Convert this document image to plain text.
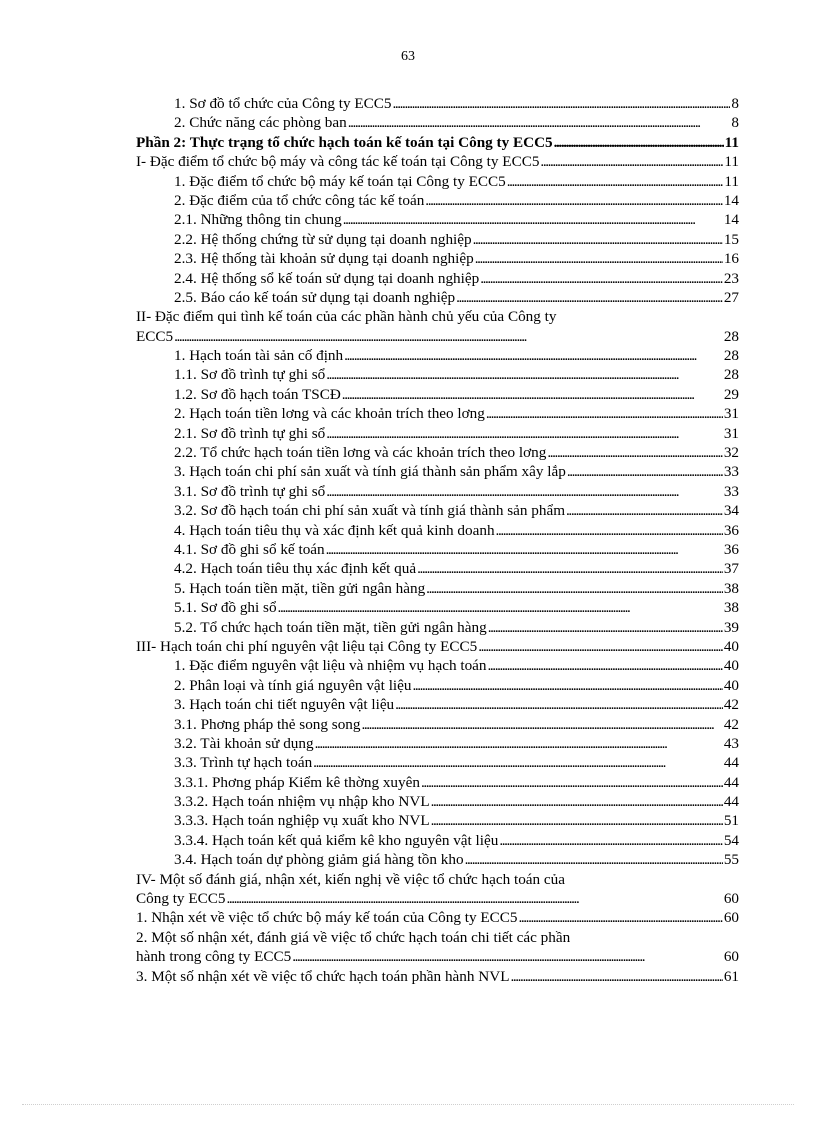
63
1. Sơ đồ tổ chức của Công ty ECC5 . . .	8
2. Chức năng các phòng ban . . .	8
Phần 2: Thực trạng tổ chức hạch toán kế toán tại Công ty ECC5 . . .	11
I- Đặc điểm tổ chức bộ máy và công tác kế toán tại Công ty ECC5 . . .	11
1. Đặc điểm tổ chức bộ máy kế toán tại Công ty ECC5 . . .	11
2. Đặc điểm của tổ chức công tác kế toán . . .	14
2.1. Những thông tin chung . . .	14
2.2. Hệ thống chứng từ sử dụng tại doanh nghiệp . . .	15
2.3. Hệ thống tài khoản sử dụng tại doanh nghiệp . . .	16
2.4. Hệ thống sổ kế toán sử dụng tại doanh nghiệp . . .	23
2.5. Báo cáo kế toán sử dụng tại doanh nghiệp . . .	27
II- Đặc điểm qui tình kế toán của các phần hành chủ yếu của Công ty
ECC5 . . .	28
1. Hạch toán tài sản cố định . . .	28
1.1. Sơ đồ trình tự ghi sổ . . .	28
1.2. Sơ đồ hạch toán TSCĐ . . .	29
2. Hạch toán tiền lơng và các khoản trích theo lơng . . .	31
2.1. Sơ đồ trình tự ghi sổ . . .	31
2.2. Tổ chức hạch toán tiền lơng và các khoản trích theo lơng . . .	32
3. Hạch toán chi phí sản xuất và tính giá thành sản phẩm xây lắp . . .	33
3.1. Sơ đồ trình tự ghi sổ . . .	33
3.2. Sơ đồ hạch toán chi phí sản xuất và tính giá thành sản phẩm . . .	34
4. Hạch toán tiêu thụ và xác định kết quả kinh doanh . . .	36
4.1. Sơ đồ ghi sổ kế toán . . .	36
4.2. Hạch toán tiêu thụ xác định kết quả . . .	37
5. Hạch toán tiền mặt, tiền gửi ngân hàng . . .	38
5.1. Sơ đồ ghi sổ . . .	38
5.2. Tổ chức hạch toán tiền mặt, tiền gửi ngân hàng . . .	39
III- Hạch toán chi phí nguyên vật liệu tại Công ty ECC5 . . .	40
1. Đặc điểm nguyên vật liệu và nhiệm vụ hạch toán . . .	40
2. Phân loại và tính giá nguyên vật liệu . . .	40
3. Hạch toán chi tiết nguyên vật liệu . . .	42
3.1. Phơng pháp thẻ song song . . .	42
3.2. Tài khoản sử dụng . . .	43
3.3. Trình tự hạch toán . . .	44
3.3.1. Phơng pháp Kiểm kê thờng xuyên . . .	44
3.3.2. Hạch toán nhiệm vụ nhập kho NVL . . .	44
3.3.3. Hạch toán nghiệp vụ xuất kho NVL . . .	51
3.3.4. Hạch toán kết quả kiểm kê kho nguyên vật liệu . . .	54
3.4. Hạch toán dự phòng giảm giá hàng tồn kho . . .	55
IV- Một số đánh giá, nhận xét, kiến nghị về việc tổ chức hạch toán của
Công ty ECC5 . . .	60
1. Nhận xét về việc tổ chức bộ máy kế toán của Công ty ECC5 . . .	60
2. Một số nhận xét, đánh giá về việc tổ chức hạch toán chi tiết các phần
hành trong công ty ECC5 . . .	60
3. Một số nhận xét về việc tổ chức hạch toán phần hành NVL . . .	61
